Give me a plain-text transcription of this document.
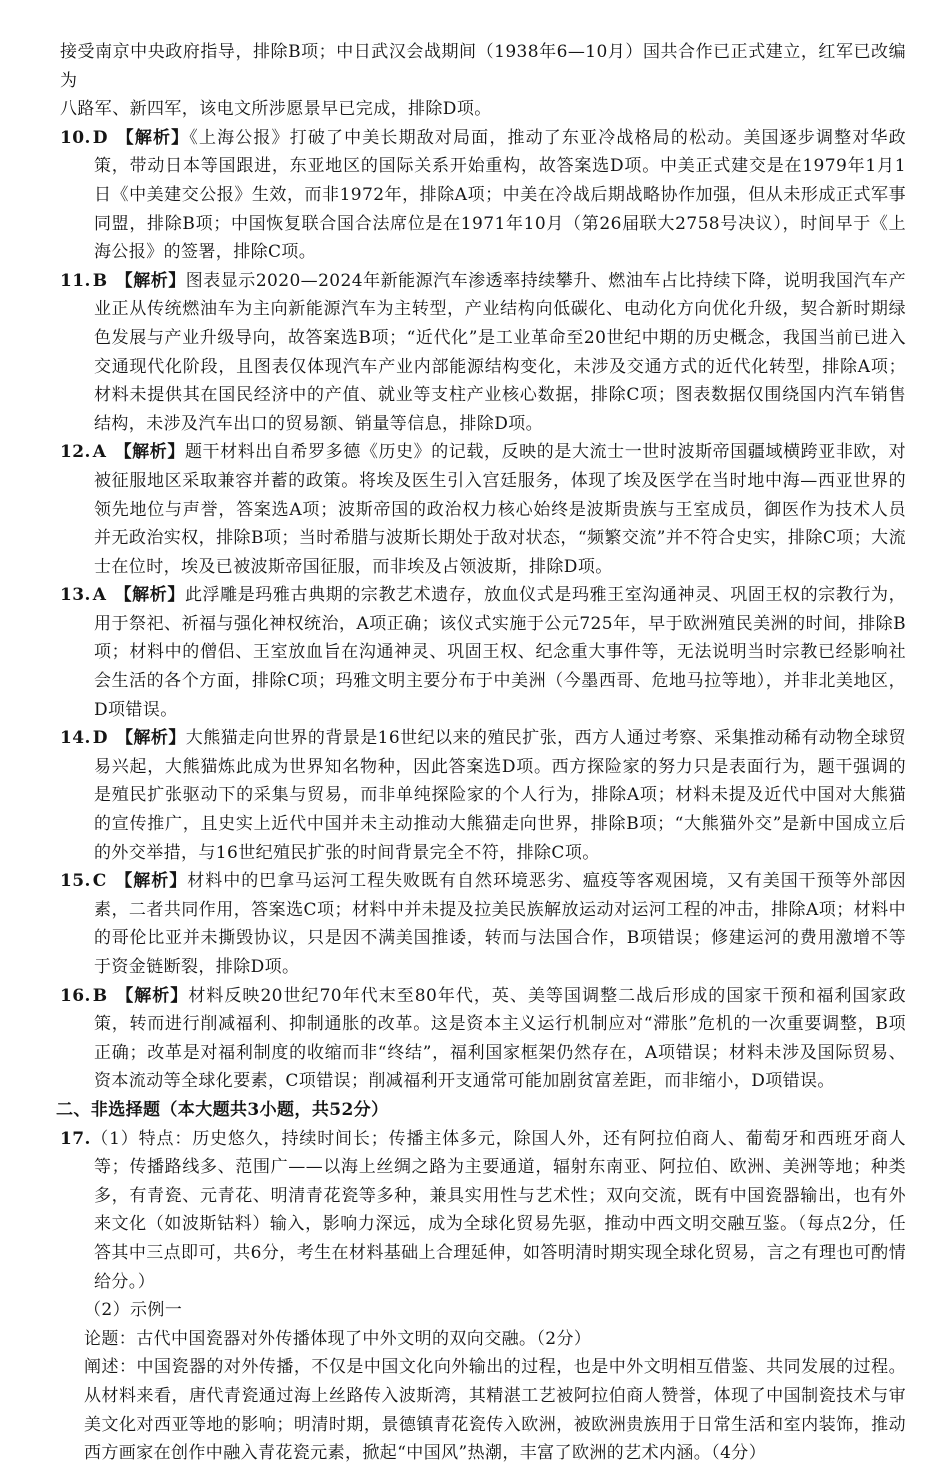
接受南京中央政府指导，排除B项；中日武汉会战期间（1938年6—10月）国共合作已正式建立，红军已改编为
八路军、新四军，该电文所涉愿景早已完成，排除D项。

10. D 【解析】《上海公报》打破了中美长期敌对局面，推动了东亚冷战格局的松动。美国逐步调整对华政策，带动日本等国跟进，东亚地区的国际关系开始重构，故答案选D项。中美正式建交是在1979年1月1日《中美建交公报》生效，而非1972年，排除A项；中美在冷战后期战略协作加强，但从未形成正式军事同盟，排除B项；中国恢复联合国合法席位是在1971年10月（第26届联大2758号决议），时间早于《上海公报》的签署，排除C项。

11. B 【解析】图表显示2020—2024年新能源汽车渗透率持续攀升、燃油车占比持续下降，说明我国汽车产业正从传统燃油车为主向新能源汽车为主转型，产业结构向低碳化、电动化方向优化升级，契合新时期绿色发展与产业升级导向，故答案选B项；“近代化”是工业革命至20世纪中期的历史概念，我国当前已进入交通现代化阶段，且图表仅体现汽车产业内部能源结构变化，未涉及交通方式的近代化转型，排除A项；材料未提供其在国民经济中的产值、就业等支柱产业核心数据，排除C项；图表数据仅围绕国内汽车销售结构，未涉及汽车出口的贸易额、销量等信息，排除D项。

12. A 【解析】题干材料出自希罗多德《历史》的记载，反映的是大流士一世时波斯帝国疆域横跨亚非欧，对被征服地区采取兼容并蓄的政策。将埃及医生引入宫廷服务，体现了埃及医学在当时地中海—西亚世界的领先地位与声誉，答案选A项；波斯帝国的政治权力核心始终是波斯贵族与王室成员，御医作为技术人员并无政治实权，排除B项；当时希腊与波斯长期处于敌对状态，“频繁交流”并不符合史实，排除C项；大流士在位时，埃及已被波斯帝国征服，而非埃及占领波斯，排除D项。

13. A 【解析】此浮雕是玛雅古典期的宗教艺术遗存，放血仪式是玛雅王室沟通神灵、巩固王权的宗教行为，用于祭祀、祈福与强化神权统治，A项正确；该仪式实施于公元725年，早于欧洲殖民美洲的时间，排除B项；材料中的僧侣、王室放血旨在沟通神灵、巩固王权、纪念重大事件等，无法说明当时宗教已经影响社会生活的各个方面，排除C项；玛雅文明主要分布于中美洲（今墨西哥、危地马拉等地），并非北美地区，D项错误。

14. D 【解析】大熊猫走向世界的背景是16世纪以来的殖民扩张，西方人通过考察、采集推动稀有动物全球贸易兴起，大熊猫炼此成为世界知名物种，因此答案选D项。西方探险家的努力只是表面行为，题干强调的是殖民扩张驱动下的采集与贸易，而非单纯探险家的个人行为，排除A项；材料未提及近代中国对大熊猫的宣传推广，且史实上近代中国并未主动推动大熊猫走向世界，排除B项；“大熊猫外交”是新中国成立后的外交举措，与16世纪殖民扩张的时间背景完全不符，排除C项。

15. C 【解析】材料中的巴拿马运河工程失败既有自然环境恶劣、瘟疫等客观困境，又有美国干预等外部因素，二者共同作用，答案选C项；材料中并未提及拉美民族解放运动对运河工程的冲击，排除A项；材料中的哥伦比亚并未撕毁协议，只是因不满美国推诿，转而与法国合作，B项错误；修建运河的费用激增不等于资金链断裂，排除D项。

16. B 【解析】材料反映20世纪70年代末至80年代，英、美等国调整二战后形成的国家干预和福利国家政策，转而进行削减福利、抑制通胀的改革。这是资本主义运行机制应对“滞胀”危机的一次重要调整，B项正确；改革是对福利制度的收缩而非“终结”，福利国家框架仍然存在，A项错误；材料未涉及国际贸易、资本流动等全球化要素，C项错误；削减福利开支通常可能加剧贫富差距，而非缩小，D项错误。

二、非选择题（本大题共3小题，共52分）

17.（1）特点：历史悠久，持续时间长；传播主体多元，除国人外，还有阿拉伯商人、葡萄牙和西班牙商人等；传播路线多、范围广——以海上丝绸之路为主要通道，辐射东南亚、阿拉伯、欧洲、美洲等地；种类多，有青瓷、元青花、明清青花瓷等多种，兼具实用性与艺术性；双向交流，既有中国瓷器输出，也有外来文化（如波斯钴料）输入，影响力深远，成为全球化贸易先驱，推动中西文明交融互鉴。（每点2分，任答其中三点即可，共6分，考生在材料基础上合理延伸，如答明清时期实现全球化贸易，言之有理也可酌情给分。）

（2）示例一

论题：古代中国瓷器对外传播体现了中外文明的双向交融。（2分）

阐述：中国瓷器的对外传播，不仅是中国文化向外输出的过程，也是中外文明相互借鉴、共同发展的过程。从材料来看，唐代青瓷通过海上丝路传入波斯湾，其精湛工艺被阿拉伯商人赞誉，体现了中国制瓷技术与审美文化对西亚等地的影响；明清时期，景德镇青花瓷传入欧洲，被欧洲贵族用于日常生活和室内装饰，推动西方画家在创作中融入青花瓷元素，掀起“中国风”热潮，丰富了欧洲的艺术内涵。（4分）
